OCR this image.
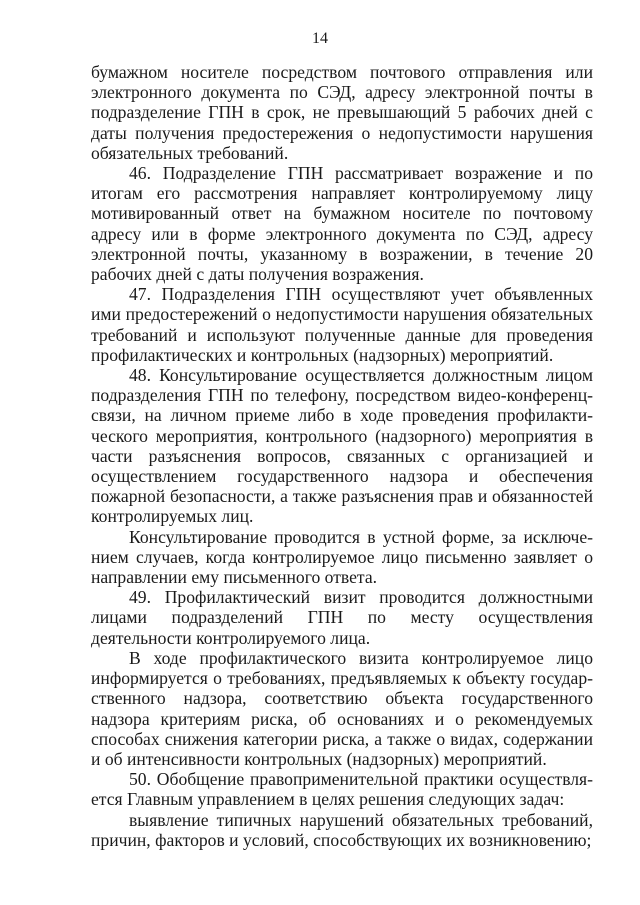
14

бумажном носителе посредством почтового отправления или электронного документа по СЭД, адресу электронной почты в подразделение ГПН в срок, не превышающий 5 рабочих дней с даты получения предостережения о недопустимости нарушения обязательных требований.

46. Подразделение ГПН рассматривает возражение и по итогам его рассмотрения направляет контролируемому лицу мотивированный ответ на бумажном носителе по почтовому адресу или в форме электронного документа по СЭД, адресу электронной почты, указанному в возражении, в течение 20 рабочих дней с даты получения возражения.

47. Подразделения ГПН осуществляют учет объявленных ими предостережений о недопустимости нарушения обязательных требований и используют полученные данные для проведения профилактических и контрольных (надзорных) мероприятий.

48. Консультирование осуществляется должностным лицом подразделения ГПН по телефону, посредством видео-конференц-связи, на личном приеме либо в ходе проведения профилакти-ческого мероприятия, контрольного (надзорного) мероприятия в части разъяснения вопросов, связанных с организацией и осуществлением государственного надзора и обеспечения пожарной безопасности, а также разъяснения прав и обязанностей контролируемых лиц.

Консультирование проводится в устной форме, за исключе-нием случаев, когда контролируемое лицо письменно заявляет о направлении ему письменного ответа.

49. Профилактический визит проводится должностными лицами подразделений ГПН по месту осуществления деятельности контролируемого лица.

В ходе профилактического визита контролируемое лицо информируется о требованиях, предъявляемых к объекту государ-ственного надзора, соответствию объекта государственного надзора критериям риска, об основаниях и о рекомендуемых способах снижения категории риска, а также о видах, содержании и об интенсивности контрольных (надзорных) мероприятий.

50. Обобщение правоприменительной практики осуществля-ется Главным управлением в целях решения следующих задач:

выявление типичных нарушений обязательных требований, причин, факторов и условий, способствующих их возникновению;
